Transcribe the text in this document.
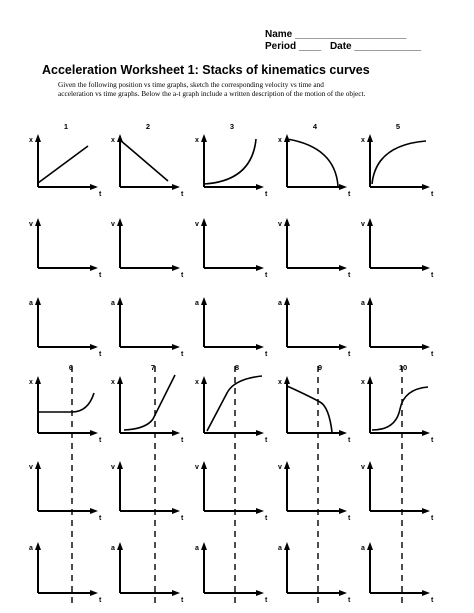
Name ____________________
Period ____ Date ____________
Acceleration Worksheet 1: Stacks of kinematics curves
Given the following position vs time graphs, sketch the corresponding velocity vs time and
acceleration vs time graphs. Below the a-t graph include a written description of the motion of the object.
x
t
1
x
t
2
x
t
3
x
t
4
x
t
5
v
t
v
t
v
t
v
t
v
t
a
t
a
t
a
t
a
t
a
t
x
t
6
x
t
7
x
t
8
x
t
9
x
t
10
v
t
v
t
v
t
v
t
v
t
a
t
a
t
a
t
a
t
a
t
